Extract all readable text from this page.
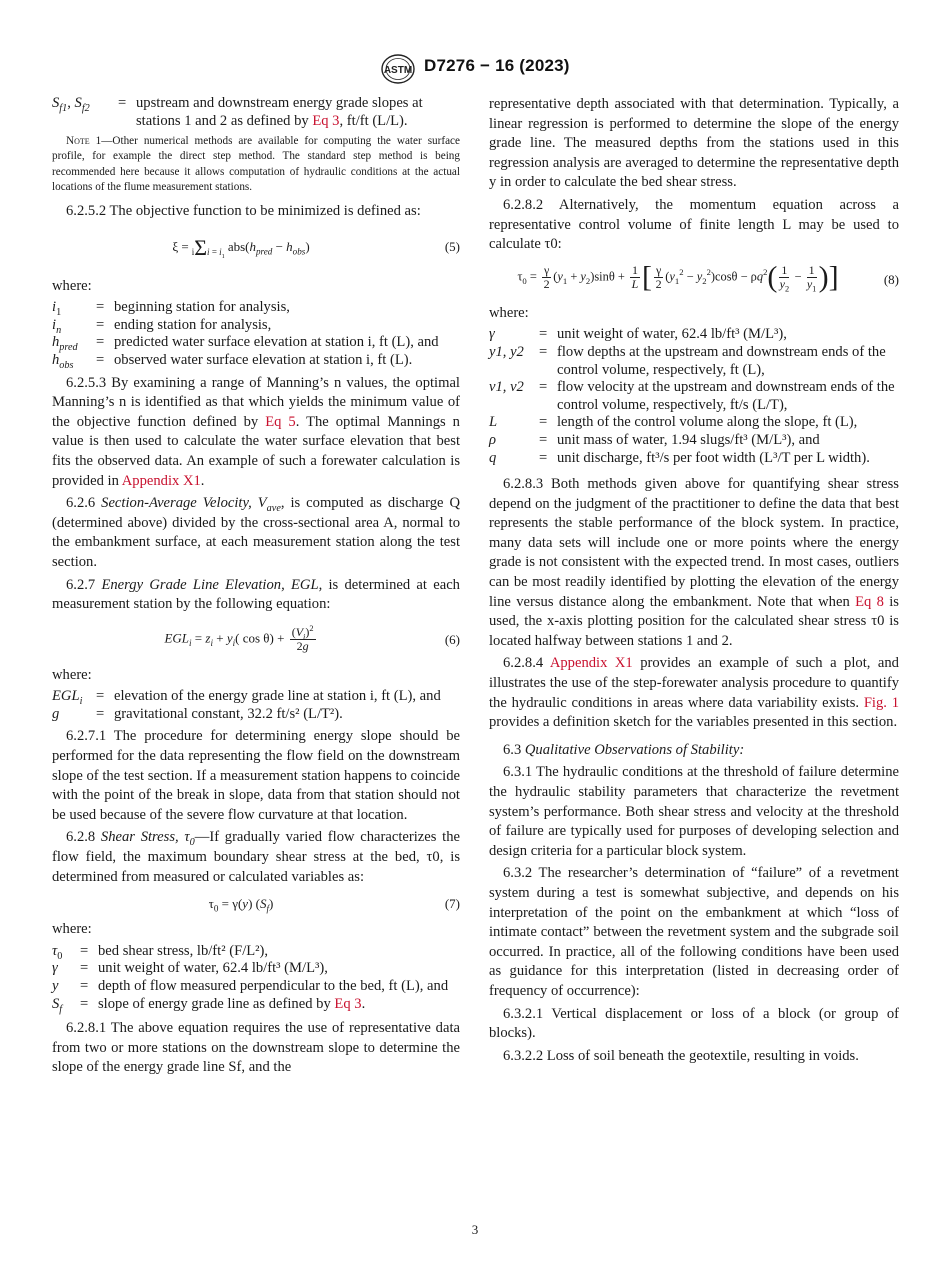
ASTM D7276 − 16 (2023)
$S_{f1}$, $S_{f2}$	= upstream and downstream energy grade slopes at stations 1 and 2 as defined by Eq 3, ft/ft (L/L).

Note 1—Other numerical methods are available for computing the water surface profile, for example the direct step method. The standard step method is being recommended here because it allows computation of hydraulic conditions at the actual locations of the flume measurement stations.

6.2.5.2 The objective function to be minimized is defined as:

$\xi = i\Sigma i = i_1abs(h_{pred} - h_{obs})$	(5)

where:

$i_1$	= beginning station for analysis,
$i_n$	= ending station for analysis,
$h_{pred}$	= predicted water surface elevation at station i, ft (L), and
$h_{obs}$	= observed water surface elevation at station i, ft (L).

6.2.5.3 By examining a range of Manning’s n values, the optimal Manning’s n is identified as that which yields the minimum value of the objective function defined by Eq 5. The optimal Mannings n value is then used to calculate the water surface elevation that best fits the observed data. An example of such a forewater calculation is provided in Appendix X1.

6.2.6 Section-Average Velocity, $V_{ave}$, is computed as discharge Q (determined above) divided by the cross-sectional area A, normal to the embankment surface, at each measurement station along the test section.

6.2.7 Energy Grade Line Elevation, EGL, is determined at each measurement station by the following equation:

$EGL_i = z_i + y_i$( $\cos \theta) + \frac{(V_i)^2}{2g}$	(6)

where:

$EGL_i$ = elevation of the energy grade line at station i, ft (L), and
g	= gravitational constant, 32.2 ft/s² (L/T²).

6.2.7.1 The procedure for determining energy slope should be performed for the data representing the flow field on the downstream slope of the test section. If a measurement station happens to coincide with the point of the break in slope, data from that station should not be used because of the severe flow curvature at that location.

6.2.8 Shear Stress, $\tau_0—If$ gradually varied flow characterizes the flow field, the maximum boundary shear stress at the bed, τ0, is determined from measured or calculated variables as:

$\tau_0 = \gamma(y)$ $(S_f)$	(7)

where:

$\tau_0$	= bed shear stress, lb/ft² (F/L²),
γ	= unit weight of water, 62.4 lb/ft³ (M/L³),
y	= depth of flow measured perpendicular to the bed, ft (L), and
$S_f$	= slope of energy grade line as defined by Eq 3.

6.2.8.1 The above equation requires the use of representative data from two or more stations on the downstream slope to determine the slope of the energy grade line Sf, and the

representative depth associated with that determination. Typically, a linear regression is performed to determine the slope of the energy grade line. The measured depths from the stations used in this regression analysis are averaged to determine the representative depth y in order to calculate the bed shear stress.

6.2.8.2 Alternatively, the momentum equation across a representative control volume of finite length L may be used to calculate τ0:

$\tau_0 = \frac{\gamma}{2} (y_1 + y_2)\sin\theta + \frac{1}{L}$ [ $\frac{\gamma}{2} (y_1^2 - y_2^2)\cos\theta - \rho q^2( \frac{1}{y_2} - \frac{1}{y_1}$ )]	(8)

where:

γ	= unit weight of water, 62.4 lb/ft³ (M/L³),
y1, y2	= flow depths at the upstream and downstream ends of the control volume, respectively, ft (L),
v1, v2	= flow velocity at the upstream and downstream ends of the control volume, respectively, ft/s (L/T),
L	= length of the control volume along the slope, ft (L),
ρ	= unit mass of water, 1.94 slugs/ft³ (M/L³), and
q	= unit discharge, ft³/s per foot width (L³/T per L width).

6.2.8.3 Both methods given above for quantifying shear stress depend on the judgment of the practitioner to define the data that best represents the stable performance of the block system. In practice, many data sets will include one or more points where the energy grade is not consistent with the expected trend. In most cases, outliers can be most readily identified by plotting the elevation of the energy line versus distance along the embankment. Note that when Eq 8 is used, the x-axis plotting position for the calculated shear stress τ0 is located halfway between stations 1 and 2.

6.2.8.4 Appendix X1 provides an example of such a plot, and illustrates the use of the step-forewater analysis procedure to quantify the hydraulic conditions in areas where data variability exists. Fig. 1 provides a definition sketch for the variables presented in this section.

6.3 Qualitative Observations of Stability:

6.3.1 The hydraulic conditions at the threshold of failure determine the hydraulic stability parameters that characterize the revetment system’s performance. Both shear stress and velocity at the threshold of failure are typically used for purposes of developing selection and design criteria for a particular block system.

6.3.2 The researcher’s determination of “failure” of a revetment system during a test is somewhat subjective, and depends on his interpretation of the point on the embankment at which “loss of intimate contact” between the revetment system and the subgrade soil occurred. In practice, all of the following conditions have been used as guidance for this interpretation (listed in decreasing order of frequency of occurrence):

6.3.2.1 Vertical displacement or loss of a block (or group of blocks).

6.3.2.2 Loss of soil beneath the geotextile, resulting in voids.

3
